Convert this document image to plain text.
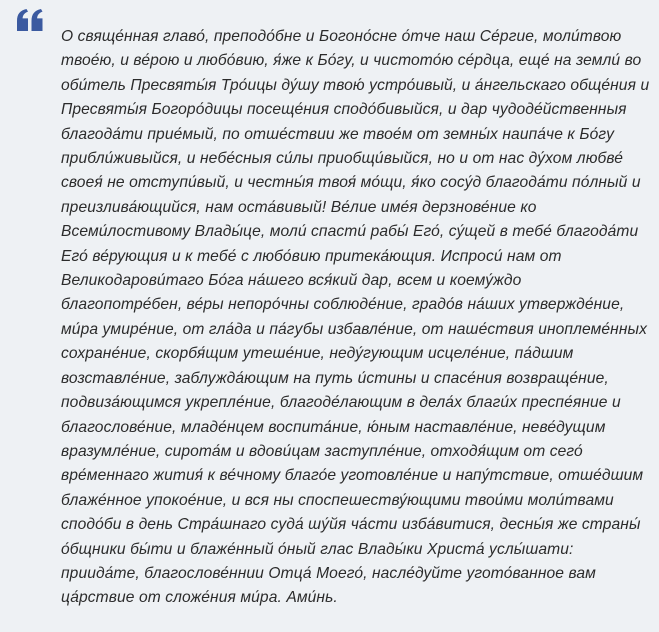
О свяще́нная главо́, преподо́бне и Богоно́сне о́тче наш Се́ргие, моли́твою
твое́ю, и ве́рою и любо́вию, я́же к Бо́гу, и чистото́ю се́рдца, еще́ на земли́ во
оби́тель Пресвяты́я Тро́ицы ду́шу твою́ устро́ивый, и а́нгельскаго обще́ния и
Пресвяты́я Богоро́дицы посеще́ния сподо́бивыйся, и дар чудоде́йственныя
благода́ти прие́мый, по отше́ствии же твое́м от земны́х наипа́че к Бо́гу
прибли́живыйся, и небе́сныя си́лы приобщи́выйся, но и от нас ду́хом любве́
своея́ не отступи́вый, и честны́я твоя́ мо́щи, я́ко сосу́д благода́ти по́лный и
преизлива́ющийся, нам оста́вивый! Ве́лие име́я дерзнове́ние ко
Всеми́лостивому Влады́це, моли́ спасти́ рабы́ Его́, су́щей в тебе́ благода́ти
Его́ ве́рующия и к тебе́ с любо́вию притека́ющия. Испроси́ нам от
Великодарови́таго Бо́га на́шего вся́кий дар, всем и коему́ждо
благопотре́бен, ве́ры непоро́чны соблюде́ние, градо́в на́ших утвержде́ние,
ми́ра умире́ние, от гла́да и па́губы избавле́ние, от наше́ствия иноплеме́нных
сохране́ние, скорбя́щим утеше́ние, неду́гующим исцеле́ние, па́дшим
возставле́ние, заблужда́ющим на путь и́стины и спасе́ния возвраще́ние,
подвиза́ющимся укрепле́ние, благоде́лающим в дела́х благи́х преспе́яние и
благослове́ние, младе́нцем воспита́ние, ю́ным наставле́ние, неве́дущим
вразумле́ние, сирота́м и вдови́цам заступле́ние, отходя́щим от сего́
вре́меннаго жития́ к ве́чному благо́е уготовле́ние и напу́тствие, отше́дшим
блаже́нное упокое́ние, и вся ны споспешеству́ющими твои́ми моли́твами
сподо́би в день Стра́шнаго суда́ шу́йя ча́сти изба́витися, десны́я же страны́
о́бщники бы́ти и блаже́нный о́ный глас Влады́ки Христа́ услы́шати:
приида́те, благослове́ннии Отца́ Моего́, насле́дуйте угото́ванное вам
ца́рствие от сложе́ния ми́ра. Ами́нь.
